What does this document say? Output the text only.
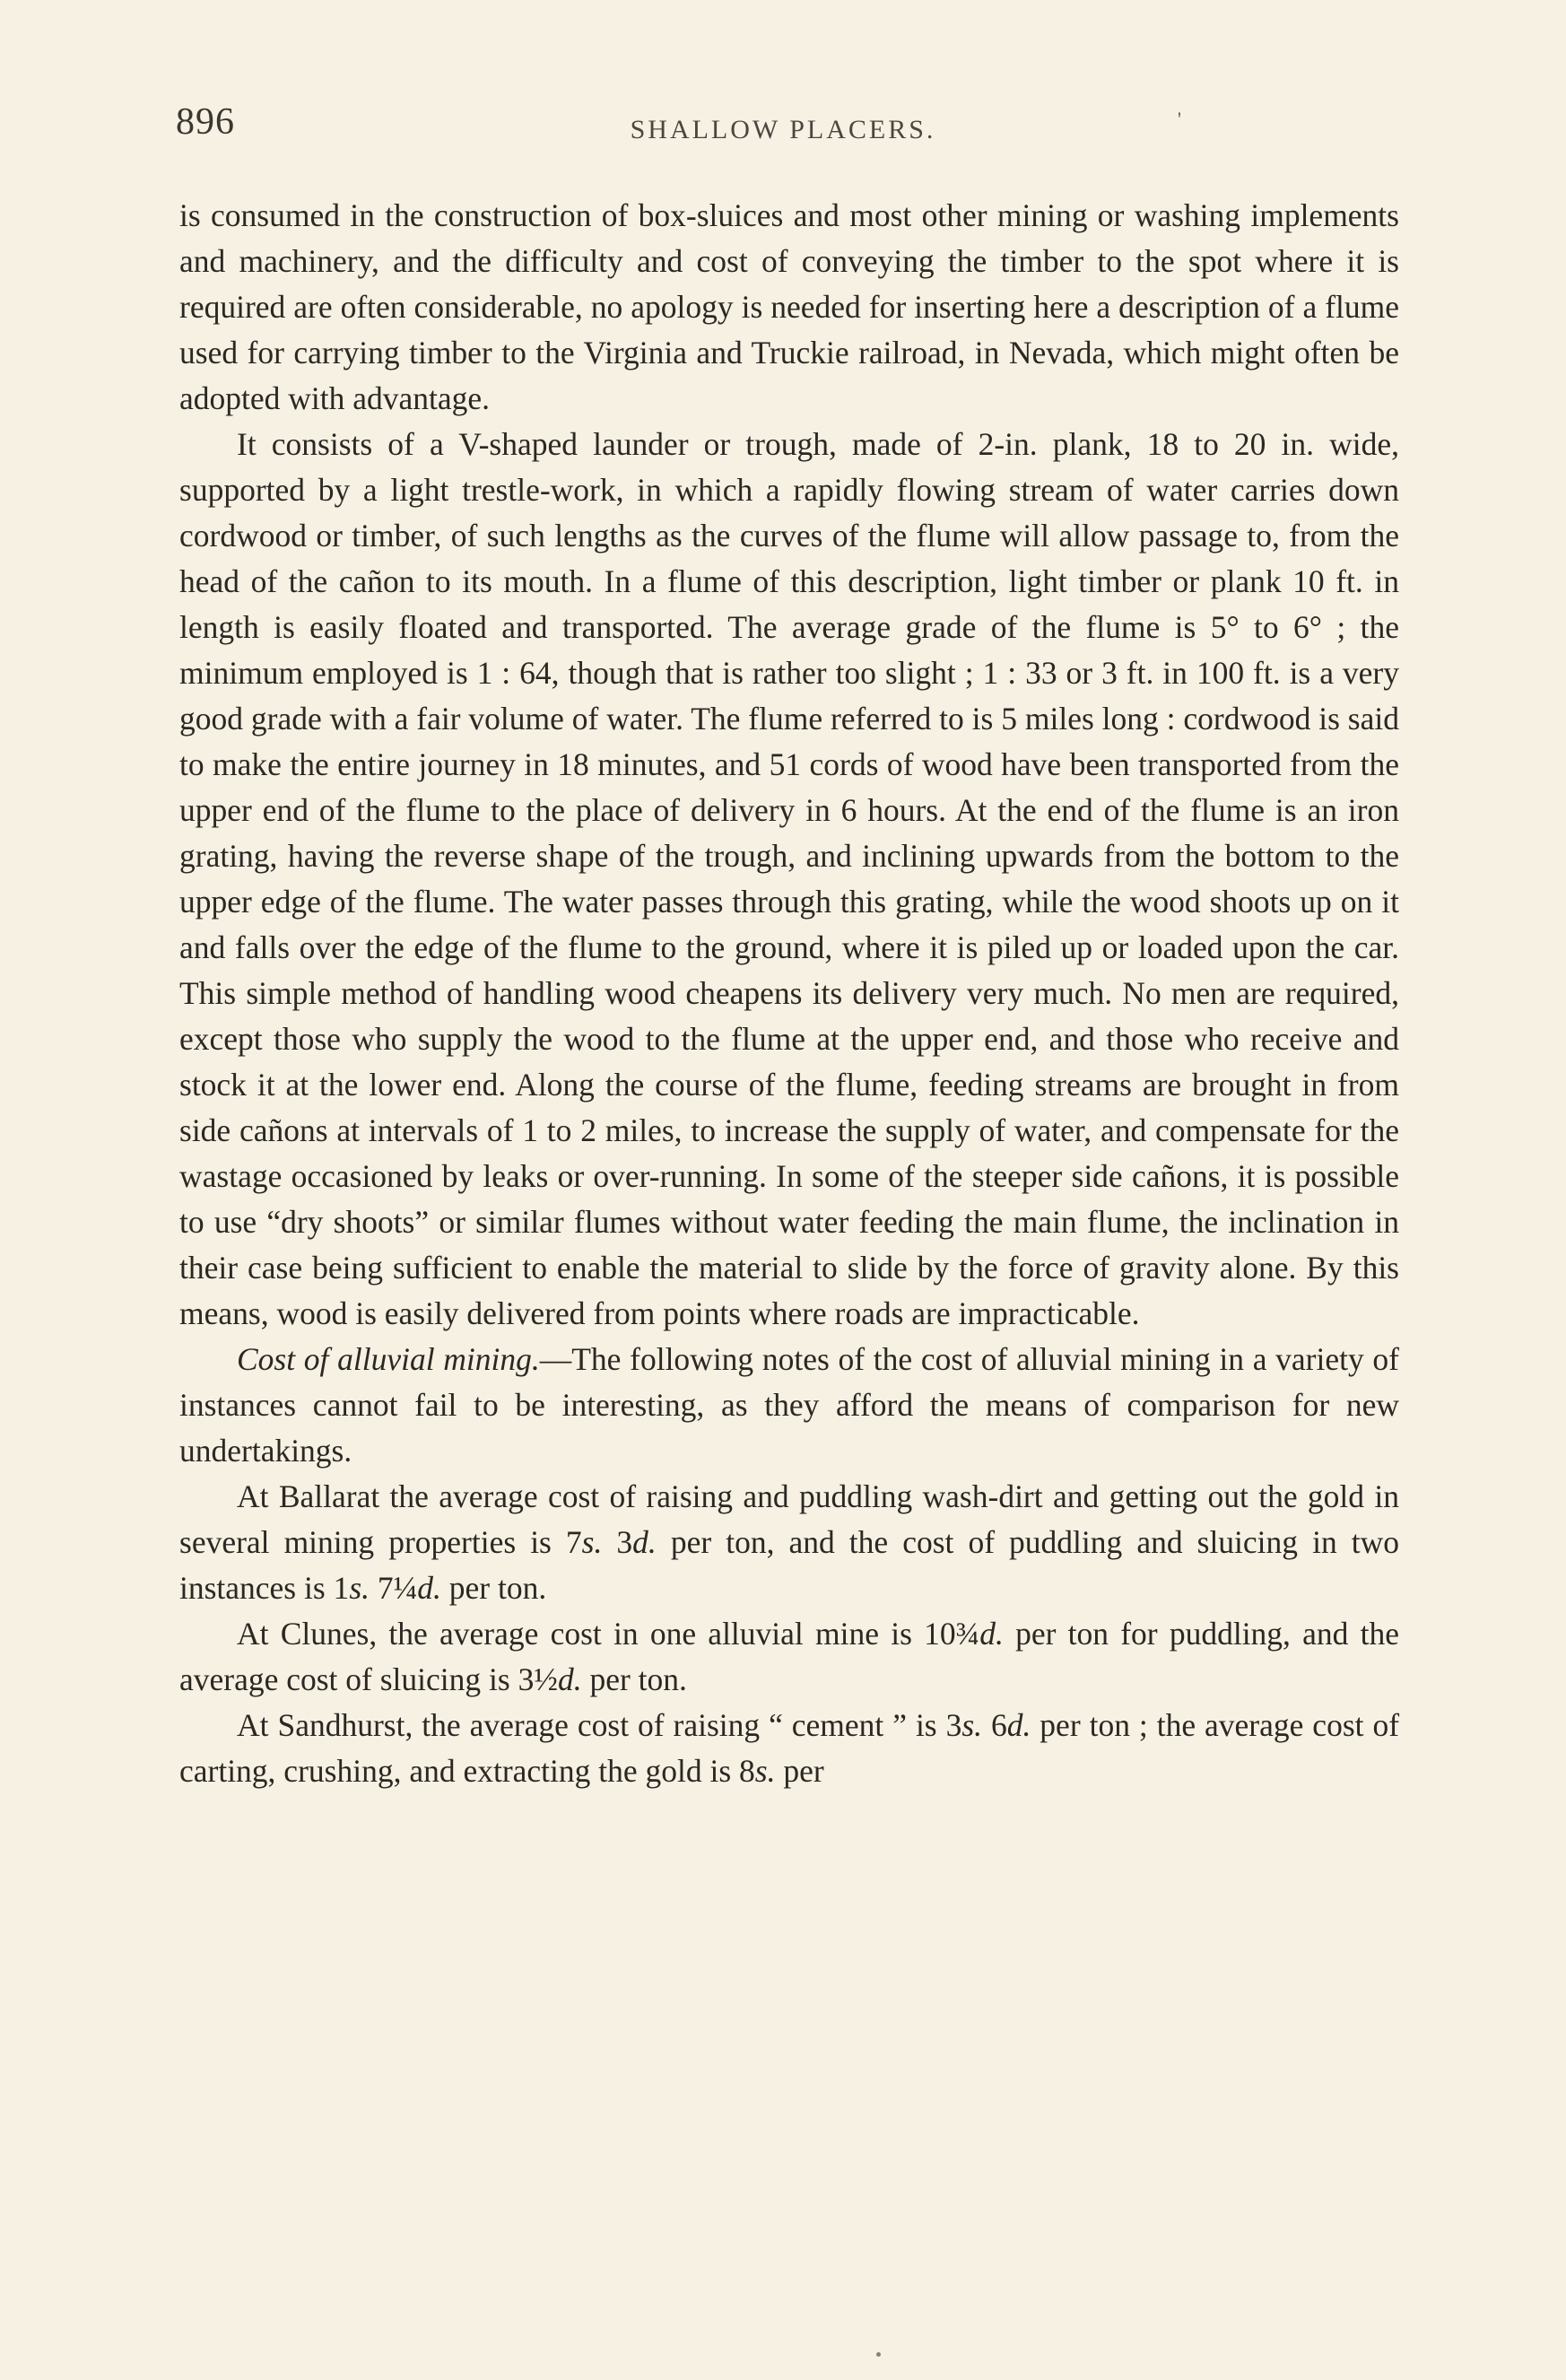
896	SHALLOW PLACERS.	'

is consumed in the construction of box-sluices and most other mining or washing implements and machinery, and the difficulty and cost of conveying the timber to the spot where it is required are often considerable, no apology is needed for inserting here a description of a flume used for carrying timber to the Virginia and Truckie railroad, in Nevada, which might often be adopted with advantage.

It consists of a V-shaped launder or trough, made of 2-in. plank, 18 to 20 in. wide, supported by a light trestle-work, in which a rapidly flowing stream of water carries down cordwood or timber, of such lengths as the curves of the flume will allow passage to, from the head of the cañon to its mouth. In a flume of this description, light timber or plank 10 ft. in length is easily floated and transported. The average grade of the flume is 5° to 6° ; the minimum employed is 1 : 64, though that is rather too slight ; 1 : 33 or 3 ft. in 100 ft. is a very good grade with a fair volume of water. The flume referred to is 5 miles long : cordwood is said to make the entire journey in 18 minutes, and 51 cords of wood have been transported from the upper end of the flume to the place of delivery in 6 hours. At the end of the flume is an iron grating, having the reverse shape of the trough, and inclining upwards from the bottom to the upper edge of the flume. The water passes through this grating, while the wood shoots up on it and falls over the edge of the flume to the ground, where it is piled up or loaded upon the car. This simple method of handling wood cheapens its delivery very much. No men are required, except those who supply the wood to the flume at the upper end, and those who receive and stock it at the lower end. Along the course of the flume, feeding streams are brought in from side cañons at intervals of 1 to 2 miles, to increase the supply of water, and compensate for the wastage occasioned by leaks or over-running. In some of the steeper side cañons, it is possible to use “dry shoots” or similar flumes without water feeding the main flume, the inclination in their case being sufficient to enable the material to slide by the force of gravity alone. By this means, wood is easily delivered from points where roads are impracticable.

Cost of alluvial mining.—The following notes of the cost of alluvial mining in a variety of instances cannot fail to be interesting, as they afford the means of comparison for new undertakings.

At Ballarat the average cost of raising and puddling wash-dirt and getting out the gold in several mining properties is 7s. 3d. per ton, and the cost of puddling and sluicing in two instances is 1s. 7¼d. per ton.

At Clunes, the average cost in one alluvial mine is 10¾d. per ton for puddling, and the average cost of sluicing is 3½d. per ton.

At Sandhurst, the average cost of raising “ cement ” is 3s. 6d. per ton ; the average cost of carting, crushing, and extracting the gold is 8s. per
